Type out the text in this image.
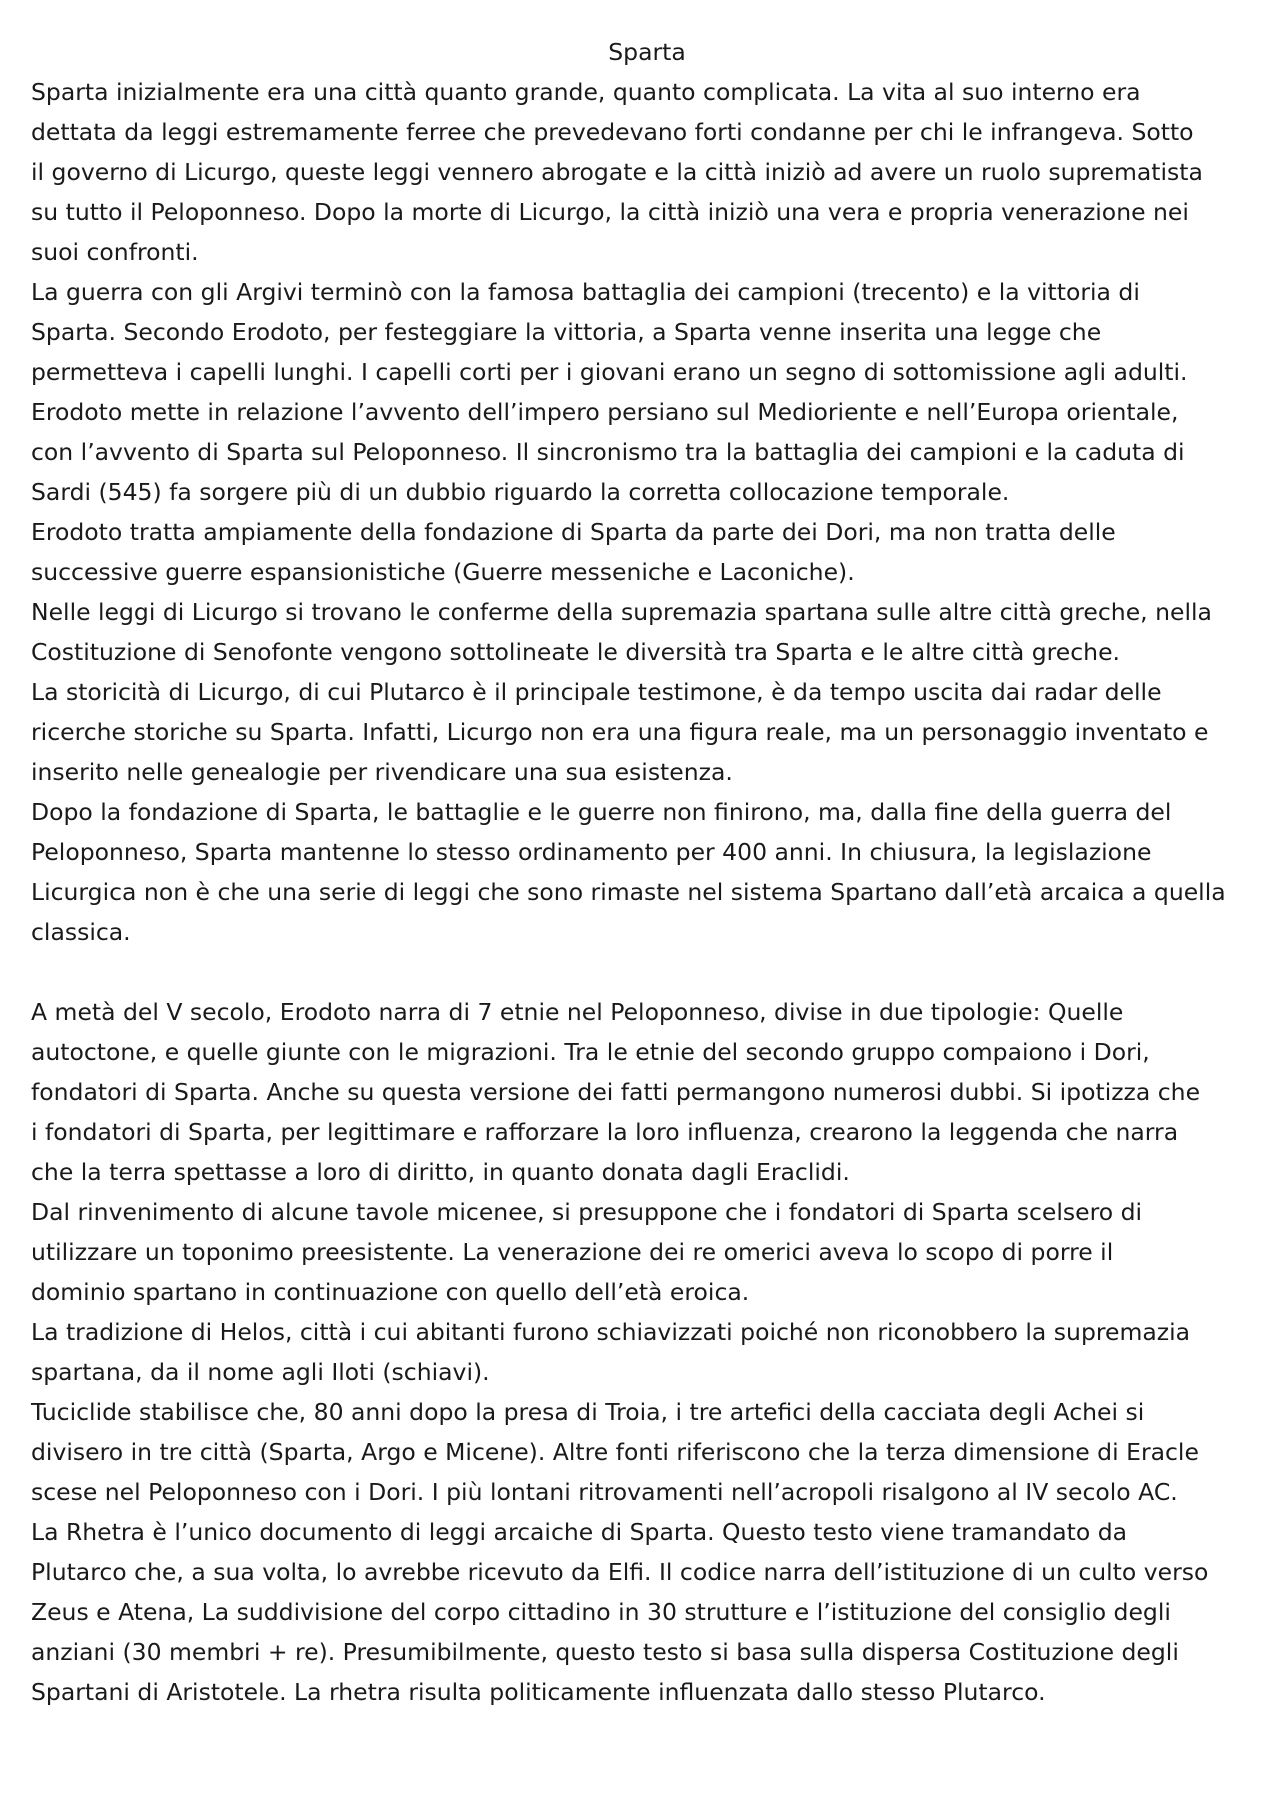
Sparta

Sparta inizialmente era una città quanto grande, quanto complicata. La vita al suo interno era
dettata da leggi estremamente ferree che prevedevano forti condanne per chi le infrangeva. Sotto
il governo di Licurgo, queste leggi vennero abrogate e la città iniziò ad avere un ruolo suprematista
su tutto il Peloponneso. Dopo la morte di Licurgo, la città iniziò una vera e propria venerazione nei
suoi confronti.

La guerra con gli Argivi terminò con la famosa battaglia dei campioni (trecento) e la vittoria di
Sparta. Secondo Erodoto, per festeggiare la vittoria, a Sparta venne inserita una legge che
permetteva i capelli lunghi. I capelli corti per i giovani erano un segno di sottomissione agli adulti.

Erodoto mette in relazione l’avvento dell’impero persiano sul Medioriente e nell’Europa orientale,
con l’avvento di Sparta sul Peloponneso. Il sincronismo tra la battaglia dei campioni e la caduta di
Sardi (545) fa sorgere più di un dubbio riguardo la corretta collocazione temporale.

Erodoto tratta ampiamente della fondazione di Sparta da parte dei Dori, ma non tratta delle
successive guerre espansionistiche (Guerre messeniche e Laconiche).

Nelle leggi di Licurgo si trovano le conferme della supremazia spartana sulle altre città greche, nella
Costituzione di Senofonte vengono sottolineate le diversità tra Sparta e le altre città greche.

La storicità di Licurgo, di cui Plutarco è il principale testimone, è da tempo uscita dai radar delle
ricerche storiche su Sparta. Infatti, Licurgo non era una figura reale, ma un personaggio inventato e
inserito nelle genealogie per rivendicare una sua esistenza.

Dopo la fondazione di Sparta, le battaglie e le guerre non finirono, ma, dalla fine della guerra del
Peloponneso, Sparta mantenne lo stesso ordinamento per 400 anni. In chiusura, la legislazione
Licurgica non è che una serie di leggi che sono rimaste nel sistema Spartano dall’età arcaica a quella
classica.

A metà del V secolo, Erodoto narra di 7 etnie nel Peloponneso, divise in due tipologie: Quelle
autoctone, e quelle giunte con le migrazioni. Tra le etnie del secondo gruppo compaiono i Dori,
fondatori di Sparta. Anche su questa versione dei fatti permangono numerosi dubbi. Si ipotizza che
i fondatori di Sparta, per legittimare e rafforzare la loro influenza, crearono la leggenda che narra
che la terra spettasse a loro di diritto, in quanto donata dagli Eraclidi.

Dal rinvenimento di alcune tavole micenee, si presuppone che i fondatori di Sparta scelsero di
utilizzare un toponimo preesistente. La venerazione dei re omerici aveva lo scopo di porre il
dominio spartano in continuazione con quello dell’età eroica.

La tradizione di Helos, città i cui abitanti furono schiavizzati poiché non riconobbero la supremazia
spartana, da il nome agli Iloti (schiavi).

Tuciclide stabilisce che, 80 anni dopo la presa di Troia, i tre artefici della cacciata degli Achei si
divisero in tre città (Sparta, Argo e Micene). Altre fonti riferiscono che la terza dimensione di Eracle
scese nel Peloponneso con i Dori. I più lontani ritrovamenti nell’acropoli risalgono al IV secolo AC.

La Rhetra è l’unico documento di leggi arcaiche di Sparta. Questo testo viene tramandato da
Plutarco che, a sua volta, lo avrebbe ricevuto da Elfi. Il codice narra dell’istituzione di un culto verso
Zeus e Atena, La suddivisione del corpo cittadino in 30 strutture e l’istituzione del consiglio degli
anziani (30 membri + re). Presumibilmente, questo testo si basa sulla dispersa Costituzione degli
Spartani di Aristotele. La rhetra risulta politicamente influenzata dallo stesso Plutarco.
